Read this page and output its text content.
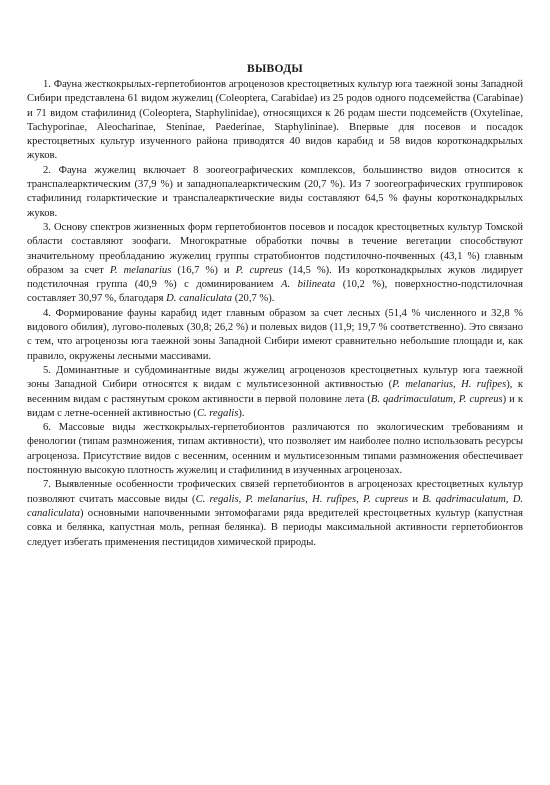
ВЫВОДЫ

1. Фауна жесткокрылых-герпетобионтов агроценозов крестоцветных культур юга таежной зоны Западной Сибири представлена 61 видом жужелиц (Coleoptera, Carabidae) из 25 родов одного подсемейства (Carabinae) и 71 видом стафилинид (Coleoptera, Staphylinidae), относящихся к 26 родам шести подсемейств (Oxytelinae, Tachyporinae, Aleocharinae, Steninae, Paederinae, Staphylininae). Впервые для посевов и посадок крестоцветных культур изученного района приводятся 40 видов карабид и 58 видов коротконадкрылых жуков.

2. Фауна жужелиц включает 8 зоогеографических комплексов, большинство видов относится к транспалеарктическим (37,9 %) и западнопалеарктическим (20,7 %). Из 7 зоогеографических группировок стафилинид голарктические и транспалеарктические виды составляют 64,5 % фауны коротконадкрылых жуков.

3. Основу спектров жизненных форм герпетобионтов посевов и посадок крестоцветных культур Томской области составляют зоофаги. Многократные обработки почвы в течение вегетации способствуют значительному преобладанию жужелиц группы стратобионтов подстилочно-почвенных (43,1 %) главным образом за счет P. melanarius (16,7 %) и P. cupreus (14,5 %). Из коротконадкрылых жуков лидирует подстилочная группа (40,9 %) с доминированием A. bilineata (10,2 %), поверхностно-подстилочная составляет 30,97 %, благодаря D. canaliculata (20,7 %).

4. Формирование фауны карабид идет главным образом за счет лесных (51,4 % численного и 32,8 % видового обилия), лугово-полевых (30,8; 26,2 %) и полевых видов (11,9; 19,7 % соответственно). Это связано с тем, что агроценозы юга таежной зоны Западной Сибири имеют сравнительно небольшие площади и, как правило, окружены лесными массивами.

5. Доминантные и субдоминантные виды жужелиц агроценозов крестоцветных культур юга таежной зоны Западной Сибири относятся к видам с мультисезонной активностью (P. melanarius, H. rufipes), к весенним видам с растянутым сроком активности в первой половине лета (B. qadrimaculatum, P. cupreus) и к видам с летне-осенней активностью (C. regalis).

6. Массовые виды жесткокрылых-герпетобионтов различаются по экологическим требованиям и фенологии (типам размножения, типам активности), что позволяет им наиболее полно использовать ресурсы агроценоза. Присутствие видов с весенним, осенним и мультисезонным типами размножения обеспечивает постоянную высокую плотность жужелиц и стафилинид в изученных агроценозах.

7. Выявленные особенности трофических связей герпетобионтов в агроценозах крестоцветных культур позволяют считать массовые виды (C. regalis, P. melanarius, H. rufipes, P. cupreus и B. qadrimaculatum, D. canaliculata) основными напочвенными энтомофагами ряда вредителей крестоцветных культур (капустная совка и белянка, капустная моль, репная белянка). В периоды максимальной активности герпетобионтов следует избегать применения пестицидов химической природы.
